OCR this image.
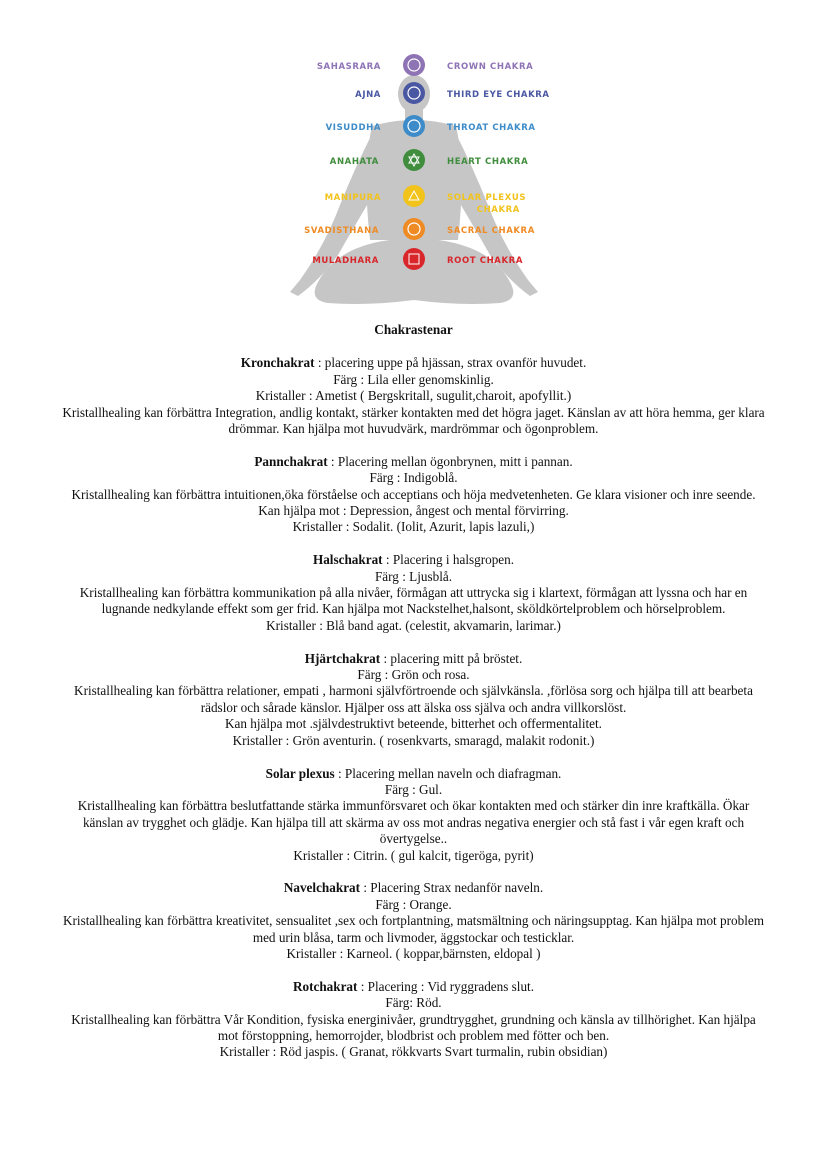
SAHASRARA	CROWN CHAKRA
AJNA	THIRD EYE CHAKRA
VISUDDHA	THROAT CHAKRA
ANAHATA	HEART CHAKRA
MANIPURA	SOLAR PLEXUS
CHAKRA
SVADISTHANA	SACRAL CHAKRA
MULADHARA	ROOT CHAKRA

Chakrastenar

Kronchakrat : placering uppe på hjässan, strax ovanför huvudet.

Färg : Lila eller genomskinlig.

Kristaller : Ametist ( Bergskritall, sugulit,charoit, apofyllit.)

Kristallhealing kan förbättra Integration, andlig kontakt, stärker kontakten med det högra jaget. Känslan av att höra hemma, ger klara drömmar. Kan hjälpa mot huvudvärk, mardrömmar och ögonproblem.

Pannchakrat : Placering mellan ögonbrynen, mitt i pannan.

Färg : Indigoblå.

Kristallhealing kan förbättra intuitionen,öka förståelse och acceptians och höja medvetenheten. Ge klara visioner och inre seende. Kan hjälpa mot : Depression, ångest och mental förvirring.

Kristaller : Sodalit. (Iolit, Azurit, lapis lazuli,)

Halschakrat : Placering i halsgropen.

Färg : Ljusblå.

Kristallhealing kan förbättra kommunikation på alla nivåer, förmågan att uttrycka sig i klartext, förmågan att lyssna och har en lugnande nedkylande effekt som ger frid. Kan hjälpa mot Nackstelhet,halsont, sköldkörtelproblem och hörselproblem.

Kristaller : Blå band agat. (celestit, akvamarin, larimar.)

Hjärtchakrat : placering mitt på bröstet.

Färg : Grön och rosa.

Kristallhealing kan förbättra relationer, empati , harmoni självförtroende och självkänsla. ,förlösa sorg och hjälpa till att bearbeta rädslor och sårade känslor. Hjälper oss att älska oss själva och andra villkorslöst.

Kan hjälpa mot .självdestruktivt beteende, bitterhet och offermentalitet.

Kristaller : Grön aventurin. ( rosenkvarts, smaragd, malakit rodonit.)

Solar plexus : Placering mellan naveln och diafragman.

Färg : Gul.

Kristallhealing kan förbättra beslutfattande stärka immunförsvaret och ökar kontakten med och stärker din inre kraftkälla. Ökar känslan av trygghet och glädje. Kan hjälpa till att skärma av oss mot andras negativa energier och stå fast i vår egen kraft och övertygelse..

Kristaller : Citrin. ( gul kalcit, tigeröga, pyrit)

Navelchakrat : Placering Strax nedanför naveln.

Färg : Orange.

Kristallhealing kan förbättra kreativitet, sensualitet ,sex och fortplantning, matsmältning och näringsupptag. Kan hjälpa mot problem med urin blåsa, tarm och livmoder, äggstockar och testicklar.

Kristaller : Karneol. ( koppar,bärnsten, eldopal )

Rotchakrat : Placering : Vid ryggradens slut.

Färg: Röd.

Kristallhealing kan förbättra Vår Kondition, fysiska energinivåer, grundtrygghet, grundning och känsla av tillhörighet. Kan hjälpa mot förstoppning, hemorrojder, blodbrist och problem med fötter och ben.

Kristaller : Röd jaspis. ( Granat, rökkvarts Svart turmalin, rubin obsidian)
